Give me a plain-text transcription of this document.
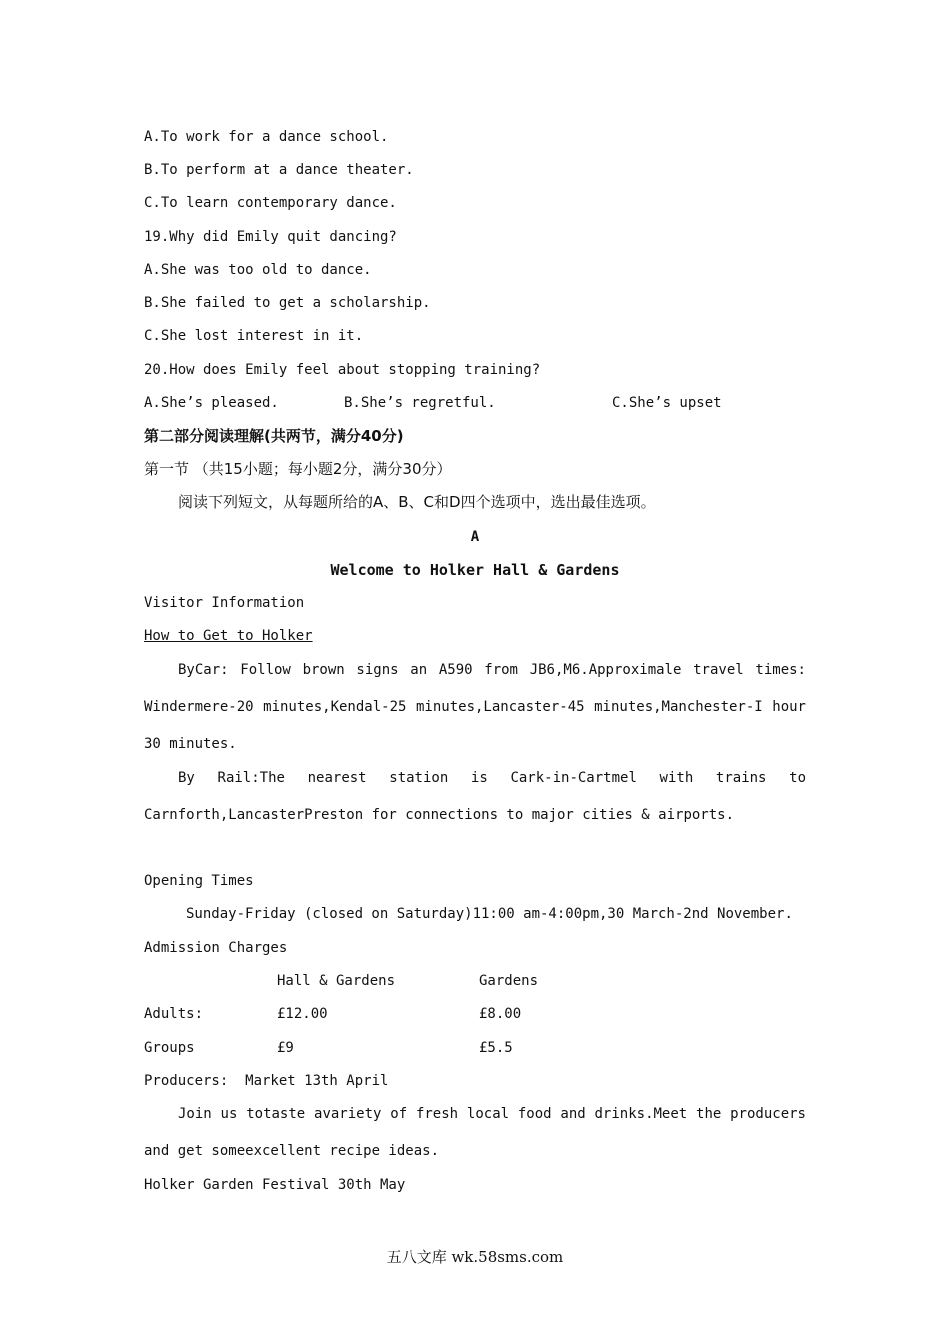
A.To work for a dance school.
B.To perform at a dance theater.
C.To learn contemporary dance.
19.Why did Emily quit dancing?
A.She was too old to dance.
B.She failed to get a scholarship.
C.She lost interest in it.
20.How does Emily feel about stopping training?
A.She’s pleased.	B.She’s regretful.	C.She’s upset
第二部分阅读理解(共两节，满分40分)
第一节 （共15小题；每小题2分，满分30分）
阅读下列短文，从每题所给的A、B、C和D四个选项中，选出最佳选项。
A
Welcome to Holker Hall & Gardens
Visitor Information
How to Get to Holker
ByCar: Follow brown signs an A590 from JB6,M6.Approximale travel times:
Windermere-20 minutes,Kendal-25 minutes,Lancaster-45 minutes,Manchester-I hour
30 minutes.
By Rail:The nearest station is Cark-in-Cartmel with trains to
Carnforth,LancasterPreston for connections to major cities & airports.
Opening Times
Sunday-Friday (closed on Saturday)11:00 am-4:00pm,30 March-2nd November.
Admission Charges
Hall & Gardens	Gardens
Adults:	£12.00	£8.00
Groups	£9	£5.5
Producers:  Market 13th April
Join us totaste avariety of fresh local food and drinks.Meet the producers
and get someexcellent recipe ideas.
Holker Garden Festival 30th May
五八文库 wk.58sms.com
